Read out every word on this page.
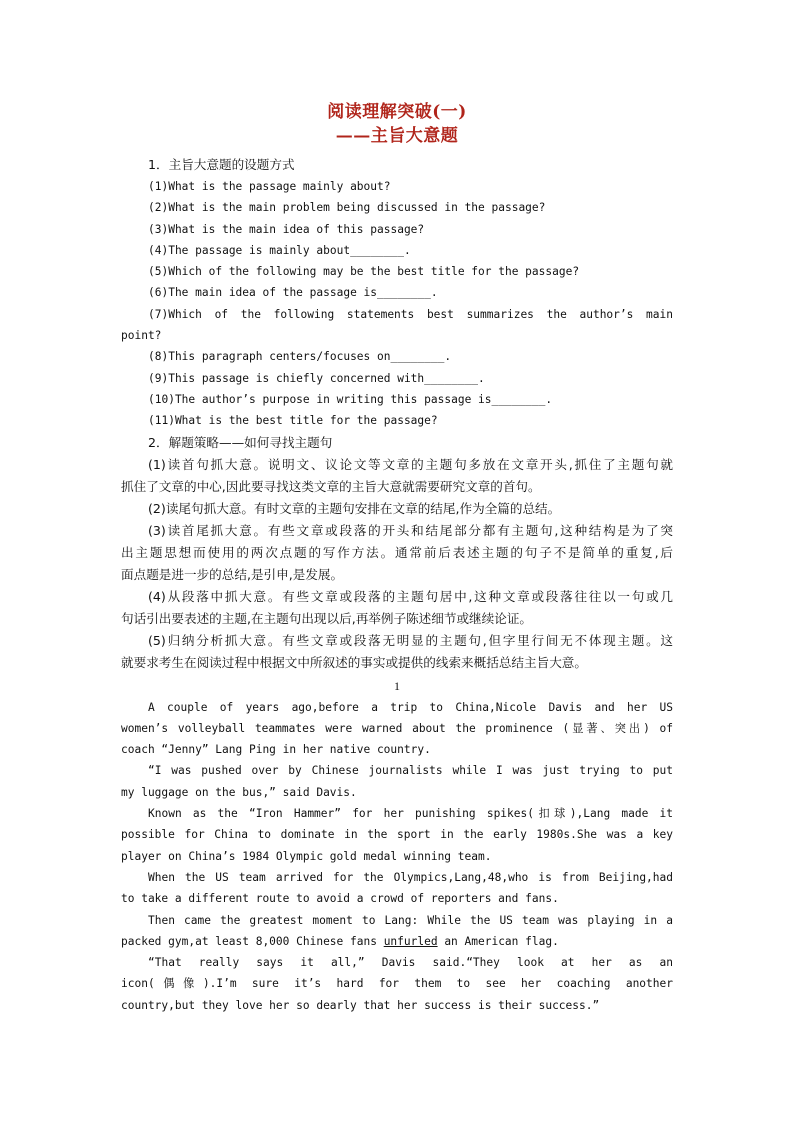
阅读理解突破(一)
——主旨大意题

1．主旨大意题的设题方式

(1)What is the passage mainly about?

(2)What is the main problem being discussed in the passage?

(3)What is the main idea of this passage?

(4)The passage is mainly about________.

(5)Which of the following may be the best title for the passage?

(6)The main idea of the passage is________.

(7)Which of the following statements best summarizes the author’s main

point?

(8)This paragraph centers/focuses on________.

(9)This passage is chiefly concerned with________.

(10)The author’s purpose in writing this passage is________.

(11)What is the best title for the passage?

2．解题策略——如何寻找主题句

(1)读首句抓大意。说明文、议论文等文章的主题句多放在文章开头,抓住了主题句就

抓住了文章的中心,因此要寻找这类文章的主旨大意就需要研究文章的首句。

(2)读尾句抓大意。有时文章的主题句安排在文章的结尾,作为全篇的总结。

(3)读首尾抓大意。有些文章或段落的开头和结尾部分都有主题句,这种结构是为了突

出主题思想而使用的两次点题的写作方法。通常前后表述主题的句子不是简单的重复,后

面点题是进一步的总结,是引申,是发展。

(4)从段落中抓大意。有些文章或段落的主题句居中,这种文章或段落往往以一句或几

句话引出要表述的主题,在主题句出现以后,再举例子陈述细节或继续论证。

(5)归纳分析抓大意。有些文章或段落无明显的主题句,但字里行间无不体现主题。这

就要求考生在阅读过程中根据文中所叙述的事实或提供的线索来概括总结主旨大意。

1

A couple of years ago,before a trip to China,Nicole Davis and her US

women’s volleyball teammates were warned about the prominence (显著、突出) of

coach “Jenny” Lang Ping in her native country.

“I was pushed over by Chinese journalists while I was just trying to put

my luggage on the bus,” said Davis.

Known as the “Iron Hammer” for her punishing spikes(扣球),Lang made it

possible for China to dominate in the sport in the early 1980s.She was a key

player on China’s 1984 Olympic gold medal winning team.

When the US team arrived for the Olympics,Lang,48,who is from Beijing,had

to take a different route to avoid a crowd of reporters and fans.

Then came the greatest moment to Lang: While the US team was playing in a

packed gym,at least 8,000 Chinese fans unfurled an American flag.

“That really says it all,” Davis said.“They look at her as an

icon(偶像).I’m sure it’s hard for them to see her coaching another

country,but they love her so dearly that her success is their success.”
